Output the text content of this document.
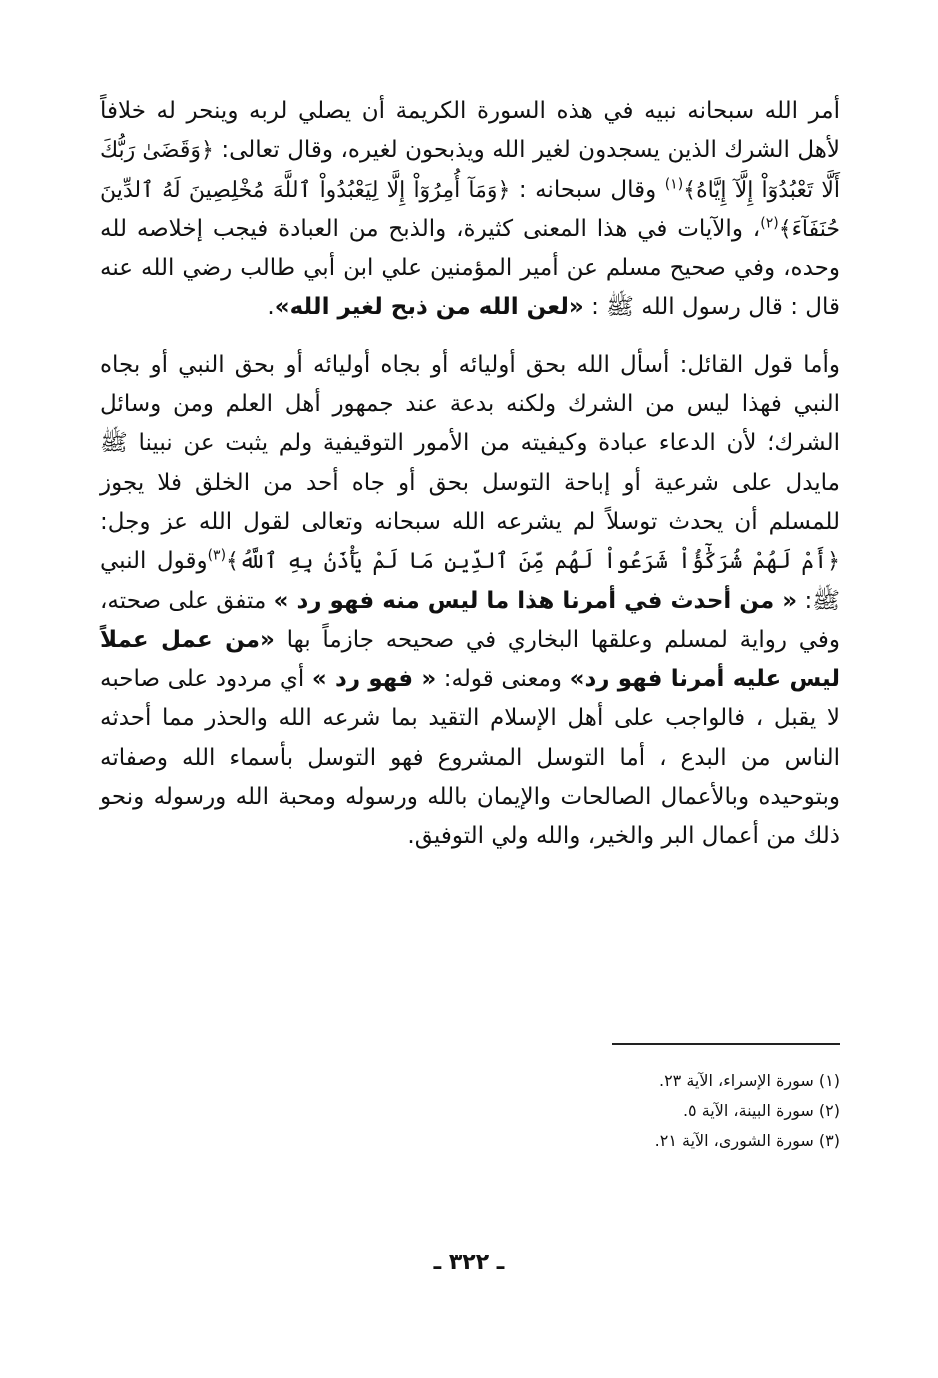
أمر الله سبحانه نبيه في هذه السورة الكريمة أن يصلي لربه وينحر له خلافاً لأهل الشرك الذين يسجدون لغير الله ويذبحون لغيره، وقال تعالى: ﴿وَقَضَىٰ رَبُّكَ أَلَّا تَعْبُدُوٓاْ إِلَّآ إِيَّاهُ﴾$^{(١)}$ وقال سبحانه : ﴿وَمَآ أُمِرُوٓاْ إِلَّا لِيَعْبُدُواْ ٱللَّهَ مُخْلِصِينَ لَهُ ٱلدِّينَ حُنَفَآءَ﴾$^{(٢)}$، والآيات في هذا المعنى كثيرة، والذبح من العبادة فيجب إخلاصه لله وحده، وفي صحيح مسلم عن أمير المؤمنين علي ابن أبي طالب رضي الله عنه قال : قال رسول الله ﷺ : «لعن الله من ذبح لغير الله».

وأما قول القائل: أسأل الله بحق أوليائه أو بجاه أوليائه أو بحق النبي أو بجاه النبي فهذا ليس من الشرك ولكنه بدعة عند جمهور أهل العلم ومن وسائل الشرك؛ لأن الدعاء عبادة وكيفيته من الأمور التوقيفية ولم يثبت عن نبينا ﷺ مايدل على شرعية أو إباحة التوسل بحق أو جاه أحد من الخلق فلا يجوز للمسلم أن يحدث توسلاً لم يشرعه الله سبحانه وتعالى لقول الله عز وجل: ﴿أَمْ لَهُمْ شُرَكَٰٓؤُاْ شَرَعُواْ لَهُم مِّنَ ٱلدِّينِ مَا لَمْ يَأْذَنۢ بِهِ ٱللَّهُ﴾$^{(٣)}$وقول النبي ﷺ: « من أحدث في أمرنا هذا ما ليس منه فهو رد » متفق على صحته، وفي رواية لمسلم وعلقها البخاري في صحيحه جازماً بها «من عمل عملاً ليس عليه أمرنا فهو رد» ومعنى قوله: « فهو رد » أي مردود على صاحبه لا يقبل ، فالواجب على أهل الإسلام التقيد بما شرعه الله والحذر مما أحدثه الناس من البدع ، أما التوسل المشروع فهو التوسل بأسماء الله وصفاته وبتوحيده وبالأعمال الصالحات والإيمان بالله ورسوله ومحبة الله ورسوله ونحو ذلك من أعمال البر والخير، والله ولي التوفيق.

(١) سورة الإسراء، الآية ٢٣.
(٢) سورة البينة، الآية ٥.
(٣) سورة الشورى، الآية ٢١.
ـ ٣٢٢ ـ
